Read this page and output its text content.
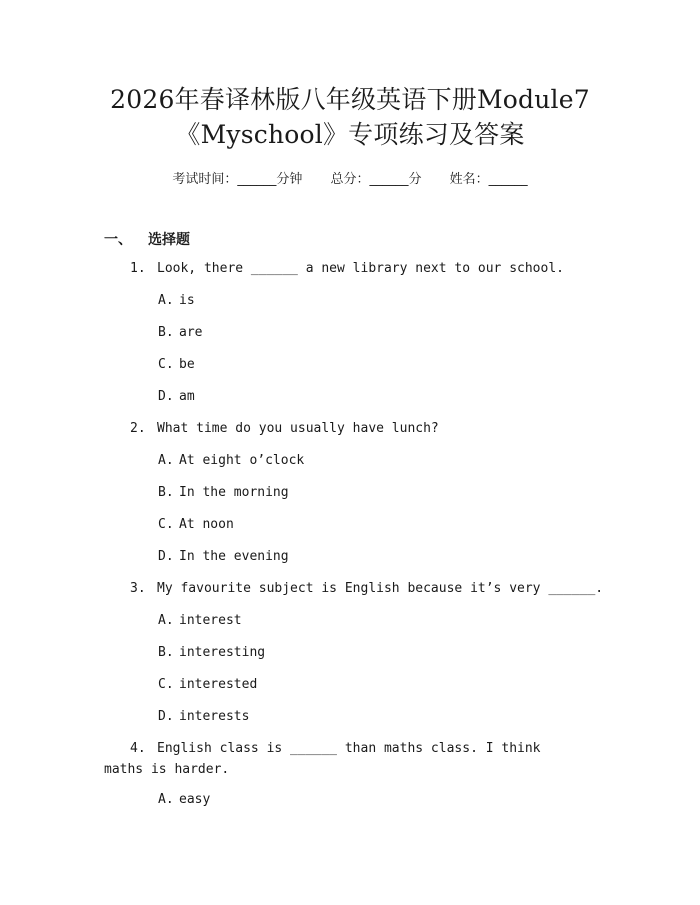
2026年春译林版八年级英语下册Module7
《Myschool》专项练习及答案
考试时间：______分钟 总分：______分 姓名：______
一、 选择题
1. Look, there ______ a new library next to our school.
A. is
B. are
C. be
D. am
2. What time do you usually have lunch?
A. At eight o’clock
B. In the morning
C. At noon
D. In the evening
3. My favourite subject is English because it’s very ______.
A. interest
B. interesting
C. interested
D. interests
4. English class is ______ than maths class. I think maths is harder.
A. easy
